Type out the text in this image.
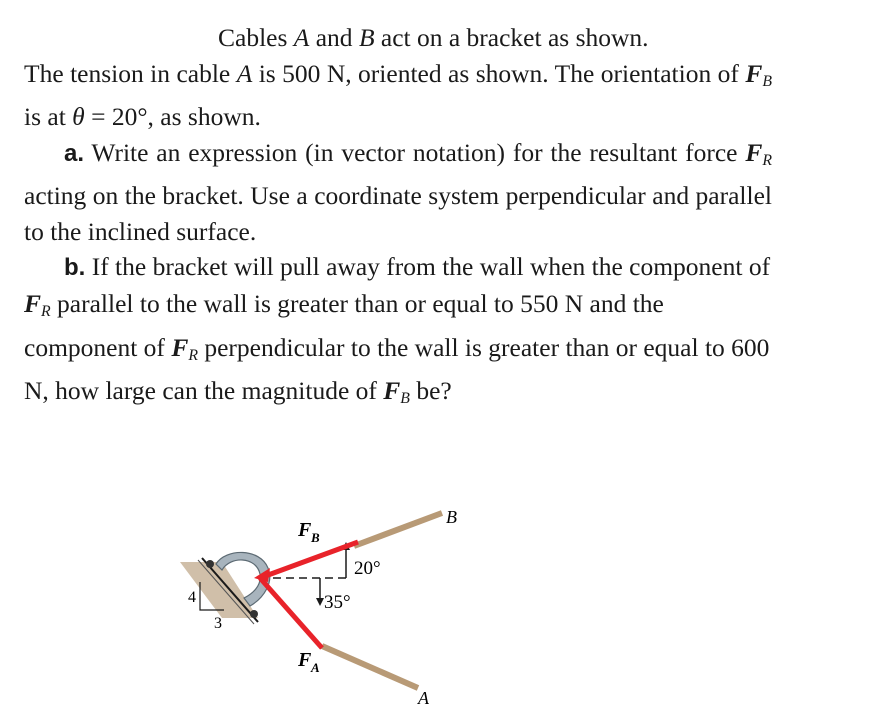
Cables A and B act on a bracket as shown.

The tension in cable A is 500 N, oriented as shown. The orientation of $F_B$ is at θ = 20°, as shown.

a. Write an expression (in vector notation) for the resultant force $F_R$ acting on the bracket. Use a coordinate system perpendicular and parallel to the inclined surface.

b. If the bracket will pull away from the wall when the component of $F_R$ parallel to the wall is greater than or equal to 550 N and the component of $F_R$ perpendicular to the wall is greater than or equal to 600 N, how large can the magnitude of $F_B$ be?

4
3
F B
F A
20°
35°
B
A
